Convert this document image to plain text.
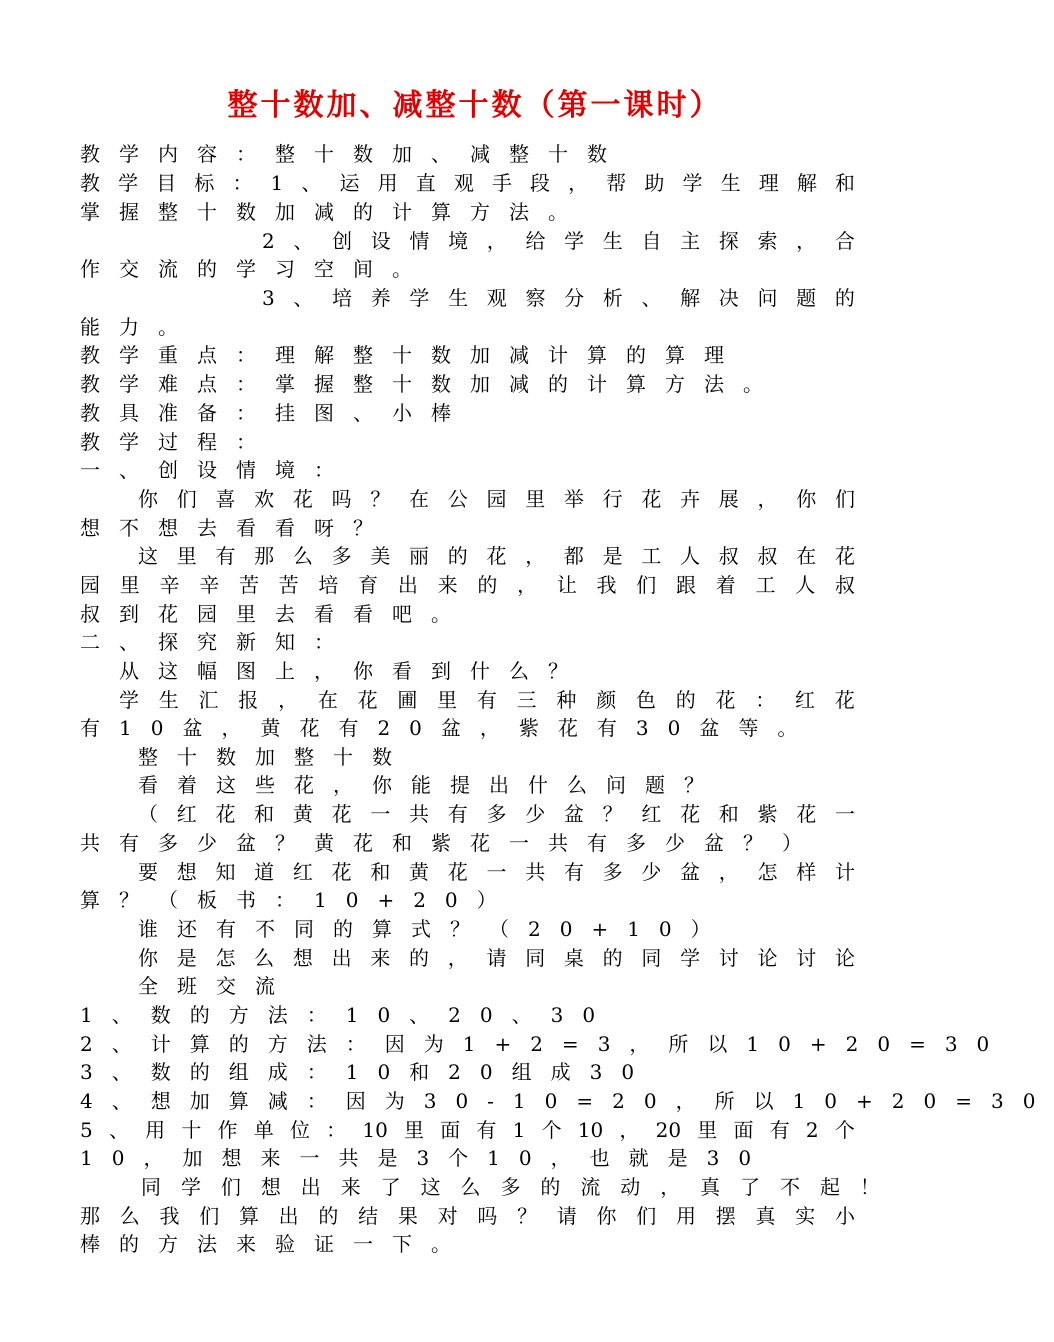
整十数加、减整十数（第一课时）
教学内容：整十数加、减整十数
教 学 目 标 ： 1 、 运 用 直 观 手 段 ， 帮 助 学 生 理 解 和
掌握整十数加减的计算方法。
2 、 创 设 情 境 ， 给 学 生 自 主 探 索 ， 合
作交流的学习空间。
3 、 培 养 学 生 观 察 分 析 、 解 决 问 题 的
能力。
教学重点：理解整十数加减计算的算理
教学难点：掌握整十数加减的计算方法。
教具准备：挂图、小棒
教学过程：
一、创设情境：
你 们 喜 欢 花 吗 ？ 在 公 园 里 举 行 花 卉 展 ， 你 们
想不想去看看呀？
这 里 有 那 么 多 美 丽 的 花 ， 都 是 工 人 叔 叔 在 花
园 里 辛 辛 苦 苦 培 育 出 来 的 ， 让 我 们 跟 着 工 人 叔
叔到花园里去看看吧。
二、探究新知：
从这幅图上，你看到什么？
学 生 汇 报 ， 在 花 圃 里 有 三 种 颜 色 的 花 ： 红 花
有10盆，黄花有20盆，紫花有30盆等。
整十数加整十数
看着这些花，你能提出什么问题？
（ 红 花 和 黄 花 一 共 有 多 少 盆 ？ 红 花 和 紫 花 一
共有多少盆？黄花和紫花一共有多少盆？）
要 想 知 道 红 花 和 黄 花 一 共 有 多 少 盆 ， 怎 样 计
算？（板书：10+20）
谁还有不同的算式？（20+10）
你 是 怎 么 想 出 来 的 ， 请 同 桌 的 同 学 讨 论 讨 论
全班交流
1、数的方法：10、20、30
2、计算的方法：因为1+2=3，所以10+20=30
3、数的组成：10和20组成30
4、想加算减：因为30-10=20，所以10+20=30
5 、 用 十 作 单 位 ： 10 里 面 有 1 个 10 ， 20 里 面 有 2 个
10，加想来一共是3个10，也就是30
同 学 们 想 出 来 了 这 么 多 的 流 动 ， 真 了 不 起 ！
那 么 我 们 算 出 的 结 果 对 吗 ？ 请 你 们 用 摆 真 实 小
棒的方法来验证一下。
